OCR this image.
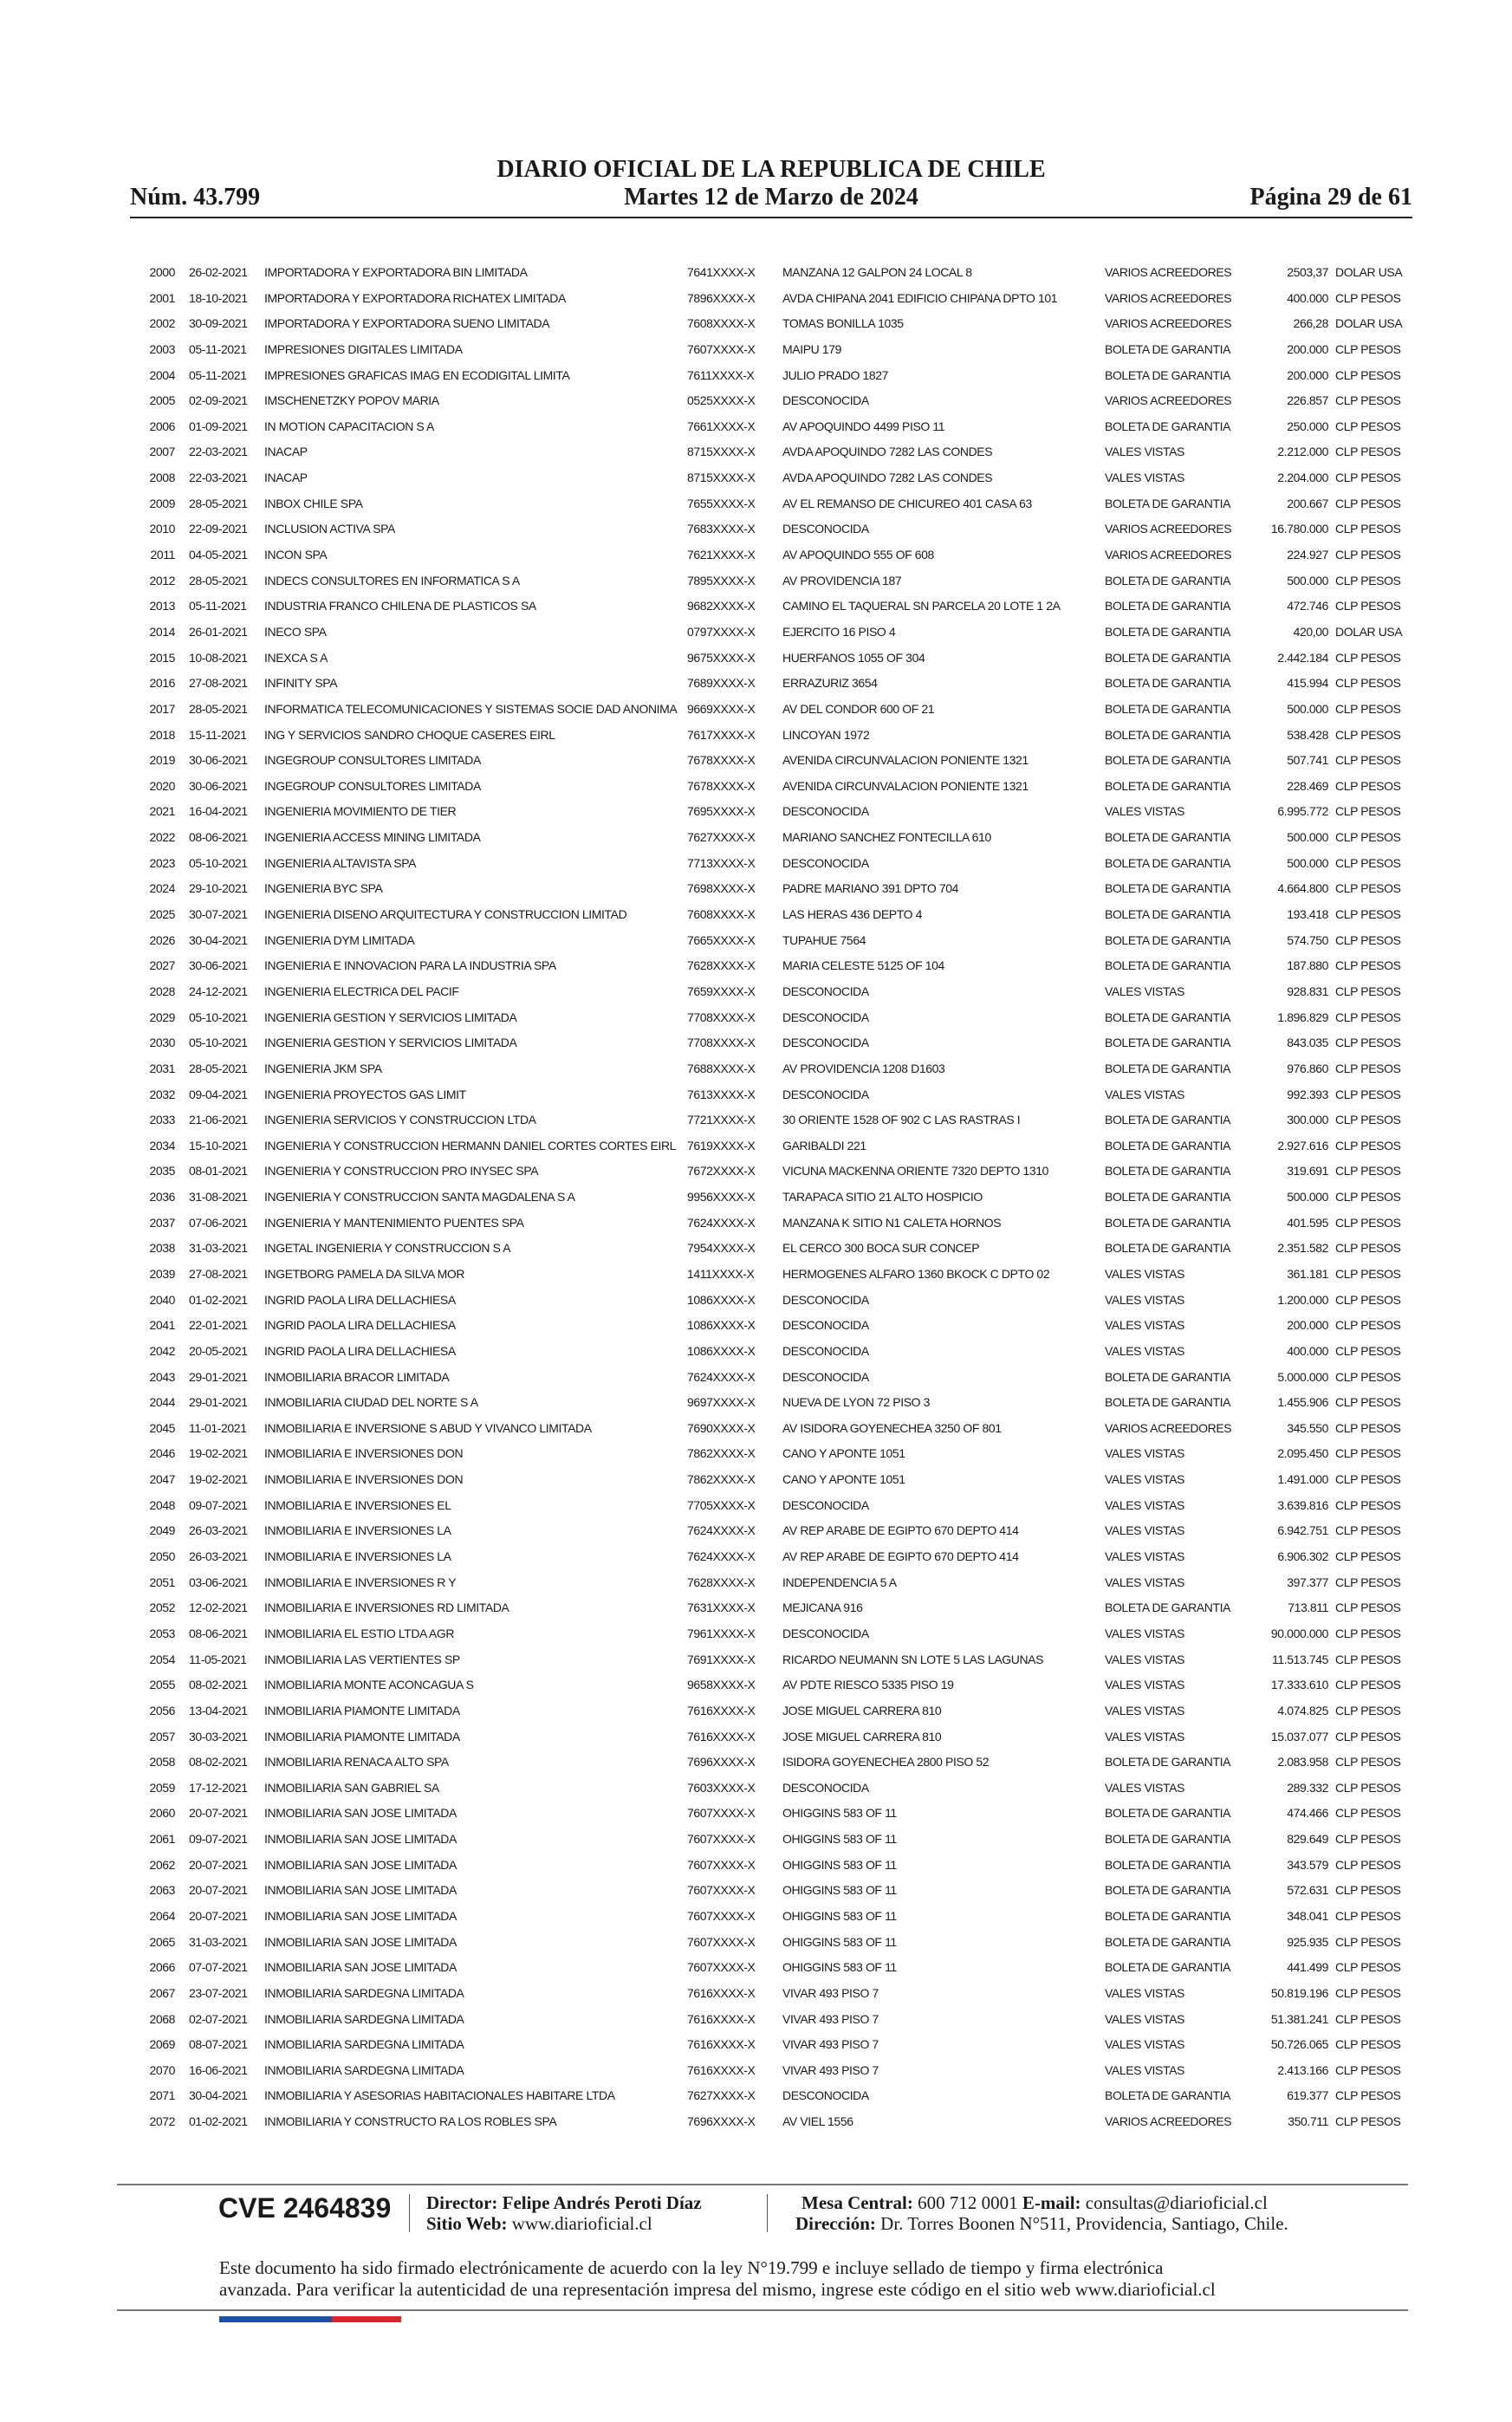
DIARIO OFICIAL DE LA REPUBLICA DE CHILE
Núm. 43.799	Martes 12 de Marzo de 2024	Página 29 de 61
2000 26-02-2021	IMPORTADORA Y EXPORTADORA BIN LIMITADA	7641XXXX-X	MANZANA 12 GALPON 24 LOCAL 8	VARIOS ACREEDORES	2503,37 DOLAR USA
2001 18-10-2021	IMPORTADORA Y EXPORTADORA RICHATEX LIMITADA	7896XXXX-X	AVDA CHIPANA 2041 EDIFICIO CHIPANA DPTO 101	VARIOS ACREEDORES	400.000 CLP PESOS
2002 30-09-2021	IMPORTADORA Y EXPORTADORA SUENO LIMITADA	7608XXXX-X	TOMAS BONILLA 1035	VARIOS ACREEDORES	266,28 DOLAR USA
2003 05-11-2021	IMPRESIONES DIGITALES LIMITADA	7607XXXX-X	MAIPU 179	BOLETA DE GARANTIA	200.000 CLP PESOS
2004 05-11-2021	IMPRESIONES GRAFICAS IMAG EN ECODIGITAL LIMITA	7611XXXX-X	JULIO PRADO 1827	BOLETA DE GARANTIA	200.000 CLP PESOS
2005 02-09-2021	IMSCHENETZKY POPOV MARIA	0525XXXX-X	DESCONOCIDA	VARIOS ACREEDORES	226.857 CLP PESOS
2006 01-09-2021	IN MOTION CAPACITACION S A	7661XXXX-X	AV APOQUINDO 4499 PISO 11	BOLETA DE GARANTIA	250.000 CLP PESOS
2007 22-03-2021	INACAP	8715XXXX-X	AVDA APOQUINDO 7282 LAS CONDES	VALES VISTAS	2.212.000 CLP PESOS
2008 22-03-2021	INACAP	8715XXXX-X	AVDA APOQUINDO 7282 LAS CONDES	VALES VISTAS	2.204.000 CLP PESOS
2009 28-05-2021	INBOX CHILE SPA	7655XXXX-X	AV EL REMANSO DE CHICUREO 401 CASA 63	BOLETA DE GARANTIA	200.667 CLP PESOS
2010 22-09-2021	INCLUSION ACTIVA SPA	7683XXXX-X	DESCONOCIDA	VARIOS ACREEDORES	16.780.000 CLP PESOS
2011 04-05-2021	INCON SPA	7621XXXX-X	AV APOQUINDO 555 OF 608	VARIOS ACREEDORES	224.927 CLP PESOS
2012 28-05-2021	INDECS CONSULTORES EN INFORMATICA S A	7895XXXX-X	AV PROVIDENCIA 187	BOLETA DE GARANTIA	500.000 CLP PESOS
2013 05-11-2021	INDUSTRIA FRANCO CHILENA DE PLASTICOS SA	9682XXXX-X	CAMINO EL TAQUERAL SN PARCELA 20 LOTE 1 2A	BOLETA DE GARANTIA	472.746 CLP PESOS
2014 26-01-2021	INECO SPA	0797XXXX-X	EJERCITO 16 PISO 4	BOLETA DE GARANTIA	420,00 DOLAR USA
2015 10-08-2021	INEXCA S A	9675XXXX-X	HUERFANOS 1055 OF 304	BOLETA DE GARANTIA	2.442.184 CLP PESOS
2016 27-08-2021	INFINITY SPA	7689XXXX-X	ERRAZURIZ 3654	BOLETA DE GARANTIA	415.994 CLP PESOS
2017 28-05-2021	INFORMATICA TELECOMUNICACIONES Y SISTEMAS SOCIE DAD ANONIMA 9669XXXX-X	AV DEL CONDOR 600 OF 21	BOLETA DE GARANTIA	500.000 CLP PESOS
2018 15-11-2021	ING Y SERVICIOS SANDRO CHOQUE CASERES EIRL	7617XXXX-X	LINCOYAN 1972	BOLETA DE GARANTIA	538.428 CLP PESOS
2019 30-06-2021	INGEGROUP CONSULTORES LIMITADA	7678XXXX-X	AVENIDA CIRCUNVALACION PONIENTE 1321	BOLETA DE GARANTIA	507.741 CLP PESOS
2020 30-06-2021	INGEGROUP CONSULTORES LIMITADA	7678XXXX-X	AVENIDA CIRCUNVALACION PONIENTE 1321	BOLETA DE GARANTIA	228.469 CLP PESOS
2021 16-04-2021	INGENIERIA MOVIMIENTO DE TIER	7695XXXX-X	DESCONOCIDA	VALES VISTAS	6.995.772 CLP PESOS
2022 08-06-2021	INGENIERIA ACCESS MINING LIMITADA	7627XXXX-X	MARIANO SANCHEZ FONTECILLA 610	BOLETA DE GARANTIA	500.000 CLP PESOS
2023 05-10-2021	INGENIERIA ALTAVISTA SPA	7713XXXX-X	DESCONOCIDA	BOLETA DE GARANTIA	500.000 CLP PESOS
2024 29-10-2021	INGENIERIA BYC SPA	7698XXXX-X	PADRE MARIANO 391 DPTO 704	BOLETA DE GARANTIA	4.664.800 CLP PESOS
2025 30-07-2021	INGENIERIA DISENO ARQUITECTURA Y CONSTRUCCION LIMITAD	7608XXXX-X	LAS HERAS 436 DEPTO 4	BOLETA DE GARANTIA	193.418 CLP PESOS
2026 30-04-2021	INGENIERIA DYM LIMITADA	7665XXXX-X	TUPAHUE 7564	BOLETA DE GARANTIA	574.750 CLP PESOS
2027 30-06-2021	INGENIERIA E INNOVACION PARA LA INDUSTRIA SPA	7628XXXX-X	MARIA CELESTE 5125 OF 104	BOLETA DE GARANTIA	187.880 CLP PESOS
2028 24-12-2021	INGENIERIA ELECTRICA DEL PACIF	7659XXXX-X	DESCONOCIDA	VALES VISTAS	928.831 CLP PESOS
2029 05-10-2021	INGENIERIA GESTION Y SERVICIOS LIMITADA	7708XXXX-X	DESCONOCIDA	BOLETA DE GARANTIA	1.896.829 CLP PESOS
2030 05-10-2021	INGENIERIA GESTION Y SERVICIOS LIMITADA	7708XXXX-X	DESCONOCIDA	BOLETA DE GARANTIA	843.035 CLP PESOS
2031 28-05-2021	INGENIERIA JKM SPA	7688XXXX-X	AV PROVIDENCIA 1208 D1603	BOLETA DE GARANTIA	976.860 CLP PESOS
2032 09-04-2021	INGENIERIA PROYECTOS GAS LIMIT	7613XXXX-X	DESCONOCIDA	VALES VISTAS	992.393 CLP PESOS
2033 21-06-2021	INGENIERIA SERVICIOS Y CONSTRUCCION LTDA	7721XXXX-X	30 ORIENTE 1528 OF 902 C LAS RASTRAS I	BOLETA DE GARANTIA	300.000 CLP PESOS
2034 15-10-2021	INGENIERIA Y CONSTRUCCION HERMANN DANIEL CORTES CORTES EIRL 7619XXXX-X	GARIBALDI 221	BOLETA DE GARANTIA	2.927.616 CLP PESOS
2035 08-01-2021	INGENIERIA Y CONSTRUCCION PRO INYSEC SPA	7672XXXX-X	VICUNA MACKENNA ORIENTE 7320 DEPTO 1310	BOLETA DE GARANTIA	319.691 CLP PESOS
2036 31-08-2021	INGENIERIA Y CONSTRUCCION SANTA MAGDALENA S A	9956XXXX-X	TARAPACA SITIO 21 ALTO HOSPICIO	BOLETA DE GARANTIA	500.000 CLP PESOS
2037 07-06-2021	INGENIERIA Y MANTENIMIENTO PUENTES SPA	7624XXXX-X	MANZANA K SITIO N1 CALETA HORNOS	BOLETA DE GARANTIA	401.595 CLP PESOS
2038 31-03-2021	INGETAL INGENIERIA Y CONSTRUCCION S A	7954XXXX-X	EL CERCO 300 BOCA SUR CONCEP	BOLETA DE GARANTIA	2.351.582 CLP PESOS
2039 27-08-2021	INGETBORG PAMELA DA SILVA MOR	1411XXXX-X	HERMOGENES ALFARO 1360 BKOCK C DPTO 02	VALES VISTAS	361.181 CLP PESOS
2040 01-02-2021	INGRID PAOLA LIRA DELLACHIESA	1086XXXX-X	DESCONOCIDA	VALES VISTAS	1.200.000 CLP PESOS
2041 22-01-2021	INGRID PAOLA LIRA DELLACHIESA	1086XXXX-X	DESCONOCIDA	VALES VISTAS	200.000 CLP PESOS
2042 20-05-2021	INGRID PAOLA LIRA DELLACHIESA	1086XXXX-X	DESCONOCIDA	VALES VISTAS	400.000 CLP PESOS
2043 29-01-2021	INMOBILIARIA BRACOR LIMITADA	7624XXXX-X	DESCONOCIDA	BOLETA DE GARANTIA	5.000.000 CLP PESOS
2044 29-01-2021	INMOBILIARIA CIUDAD DEL NORTE S A	9697XXXX-X	NUEVA DE LYON 72 PISO 3	BOLETA DE GARANTIA	1.455.906 CLP PESOS
2045 11-01-2021	INMOBILIARIA E INVERSIONE S ABUD Y VIVANCO LIMITADA	7690XXXX-X	AV ISIDORA GOYENECHEA 3250 OF 801	VARIOS ACREEDORES	345.550 CLP PESOS
2046 19-02-2021	INMOBILIARIA E INVERSIONES DON	7862XXXX-X	CANO Y APONTE 1051	VALES VISTAS	2.095.450 CLP PESOS
2047 19-02-2021	INMOBILIARIA E INVERSIONES DON	7862XXXX-X	CANO Y APONTE 1051	VALES VISTAS	1.491.000 CLP PESOS
2048 09-07-2021	INMOBILIARIA E INVERSIONES EL	7705XXXX-X	DESCONOCIDA	VALES VISTAS	3.639.816 CLP PESOS
2049 26-03-2021	INMOBILIARIA E INVERSIONES LA	7624XXXX-X	AV REP ARABE DE EGIPTO 670 DEPTO 414	VALES VISTAS	6.942.751 CLP PESOS
2050 26-03-2021	INMOBILIARIA E INVERSIONES LA	7624XXXX-X	AV REP ARABE DE EGIPTO 670 DEPTO 414	VALES VISTAS	6.906.302 CLP PESOS
2051 03-06-2021	INMOBILIARIA E INVERSIONES R Y	7628XXXX-X	INDEPENDENCIA 5 A	VALES VISTAS	397.377 CLP PESOS
2052 12-02-2021	INMOBILIARIA E INVERSIONES RD LIMITADA	7631XXXX-X	MEJICANA 916	BOLETA DE GARANTIA	713.811 CLP PESOS
2053 08-06-2021	INMOBILIARIA EL ESTIO LTDA AGR	7961XXXX-X	DESCONOCIDA	VALES VISTAS	90.000.000 CLP PESOS
2054 11-05-2021	INMOBILIARIA LAS VERTIENTES SP	7691XXXX-X	RICARDO NEUMANN SN LOTE 5 LAS LAGUNAS	VALES VISTAS	11.513.745 CLP PESOS
2055 08-02-2021	INMOBILIARIA MONTE ACONCAGUA S	9658XXXX-X	AV PDTE RIESCO 5335 PISO 19	VALES VISTAS	17.333.610 CLP PESOS
2056 13-04-2021	INMOBILIARIA PIAMONTE LIMITADA	7616XXXX-X	JOSE MIGUEL CARRERA 810	VALES VISTAS	4.074.825 CLP PESOS
2057 30-03-2021	INMOBILIARIA PIAMONTE LIMITADA	7616XXXX-X	JOSE MIGUEL CARRERA 810	VALES VISTAS	15.037.077 CLP PESOS
2058 08-02-2021	INMOBILIARIA RENACA ALTO SPA	7696XXXX-X	ISIDORA GOYENECHEA 2800 PISO 52	BOLETA DE GARANTIA	2.083.958 CLP PESOS
2059 17-12-2021	INMOBILIARIA SAN GABRIEL SA	7603XXXX-X	DESCONOCIDA	VALES VISTAS	289.332 CLP PESOS
2060 20-07-2021	INMOBILIARIA SAN JOSE LIMITADA	7607XXXX-X	OHIGGINS 583 OF 11	BOLETA DE GARANTIA	474.466 CLP PESOS
2061 09-07-2021	INMOBILIARIA SAN JOSE LIMITADA	7607XXXX-X	OHIGGINS 583 OF 11	BOLETA DE GARANTIA	829.649 CLP PESOS
2062 20-07-2021	INMOBILIARIA SAN JOSE LIMITADA	7607XXXX-X	OHIGGINS 583 OF 11	BOLETA DE GARANTIA	343.579 CLP PESOS
2063 20-07-2021	INMOBILIARIA SAN JOSE LIMITADA	7607XXXX-X	OHIGGINS 583 OF 11	BOLETA DE GARANTIA	572.631 CLP PESOS
2064 20-07-2021	INMOBILIARIA SAN JOSE LIMITADA	7607XXXX-X	OHIGGINS 583 OF 11	BOLETA DE GARANTIA	348.041 CLP PESOS
2065 31-03-2021	INMOBILIARIA SAN JOSE LIMITADA	7607XXXX-X	OHIGGINS 583 OF 11	BOLETA DE GARANTIA	925.935 CLP PESOS
2066 07-07-2021	INMOBILIARIA SAN JOSE LIMITADA	7607XXXX-X	OHIGGINS 583 OF 11	BOLETA DE GARANTIA	441.499 CLP PESOS
2067 23-07-2021	INMOBILIARIA SARDEGNA LIMITADA	7616XXXX-X	VIVAR 493 PISO 7	VALES VISTAS	50.819.196 CLP PESOS
2068 02-07-2021	INMOBILIARIA SARDEGNA LIMITADA	7616XXXX-X	VIVAR 493 PISO 7	VALES VISTAS	51.381.241 CLP PESOS
2069 08-07-2021	INMOBILIARIA SARDEGNA LIMITADA	7616XXXX-X	VIVAR 493 PISO 7	VALES VISTAS	50.726.065 CLP PESOS
2070 16-06-2021	INMOBILIARIA SARDEGNA LIMITADA	7616XXXX-X	VIVAR 493 PISO 7	VALES VISTAS	2.413.166 CLP PESOS
2071 30-04-2021	INMOBILIARIA Y ASESORIAS HABITACIONALES HABITARE LTDA	7627XXXX-X	DESCONOCIDA	BOLETA DE GARANTIA	619.377 CLP PESOS
2072 01-02-2021	INMOBILIARIA Y CONSTRUCTO RA LOS ROBLES SPA	7696XXXX-X	AV VIEL 1556	VARIOS ACREEDORES	350.711 CLP PESOS
CVE 2464839 Director: Felipe Andrés Peroti Díaz
Sitio Web: www.diarioficial.cl
Mesa Central: 600 712 0001 E-mail: consultas@diarioficial.cl
Dirección: Dr. Torres Boonen N°511, Providencia, Santiago, Chile.
Este documento ha sido firmado electrónicamente de acuerdo con la ley N°19.799 e incluye sellado de tiempo y firma electrónica
avanzada. Para verificar la autenticidad de una representación impresa del mismo, ingrese este código en el sitio web www.diarioficial.cl
